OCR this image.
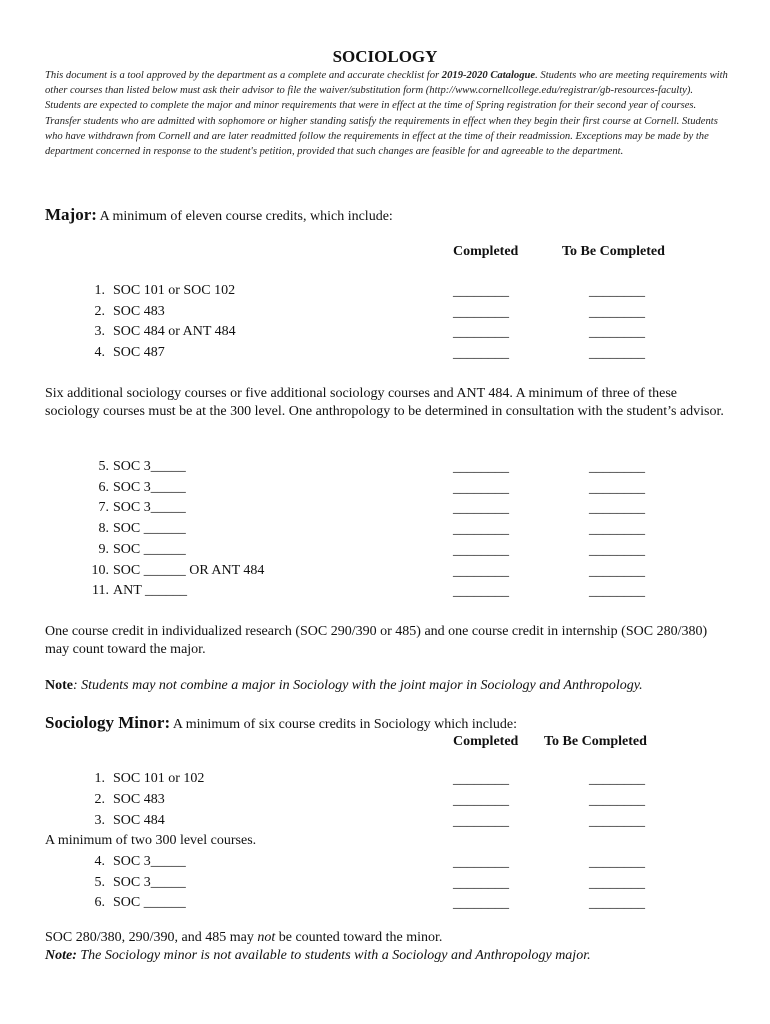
SOCIOLOGY
This document is a tool approved by the department as a complete and accurate checklist for 2019-2020 Catalogue. Students who are meeting requirements with other courses than listed below must ask their advisor to file the waiver/substitution form (http://www.cornellcollege.edu/registrar/gb-resources-faculty). Students are expected to complete the major and minor requirements that were in effect at the time of Spring registration for their second year of courses. Transfer students who are admitted with sophomore or higher standing satisfy the requirements in effect when they begin their first course at Cornell. Students who have withdrawn from Cornell and are later readmitted follow the requirements in effect at the time of their readmission. Exceptions may be made by the department concerned in response to the student's petition, provided that such changes are feasible for and agreeable to the department.
Major: A minimum of eleven course credits, which include:
Completed	To Be Completed
1. SOC 101 or SOC 102	________	________
2. SOC 483	________	________
3. SOC 484 or ANT 484	________	________
4. SOC 487	________	________
Six additional sociology courses or five additional sociology courses and ANT 484. A minimum of three of these sociology courses must be at the 300 level. One anthropology to be determined in consultation with the student’s advisor.
5. SOC 3_____	________	________
6. SOC 3_____	________	________
7. SOC 3_____	________	________
8. SOC ______	________	________
9. SOC ______	________	________
10. SOC ______ OR ANT 484	________	________
11. ANT ______	________	________
One course credit in individualized research (SOC 290/390 or 485) and one course credit in internship (SOC 280/380) may count toward the major.
Note: Students may not combine a major in Sociology with the joint major in Sociology and Anthropology.
Sociology Minor: A minimum of six course credits in Sociology which include:
Completed To Be Completed
1. SOC 101 or 102	________	________
2. SOC 483	________	________
3. SOC 484	________	________
A minimum of two 300 level courses.
4. SOC 3_____	________	________
5. SOC 3_____	________	________
6. SOC ______	________	________
SOC 280/380, 290/390, and 485 may not be counted toward the minor.
Note: The Sociology minor is not available to students with a Sociology and Anthropology major.
